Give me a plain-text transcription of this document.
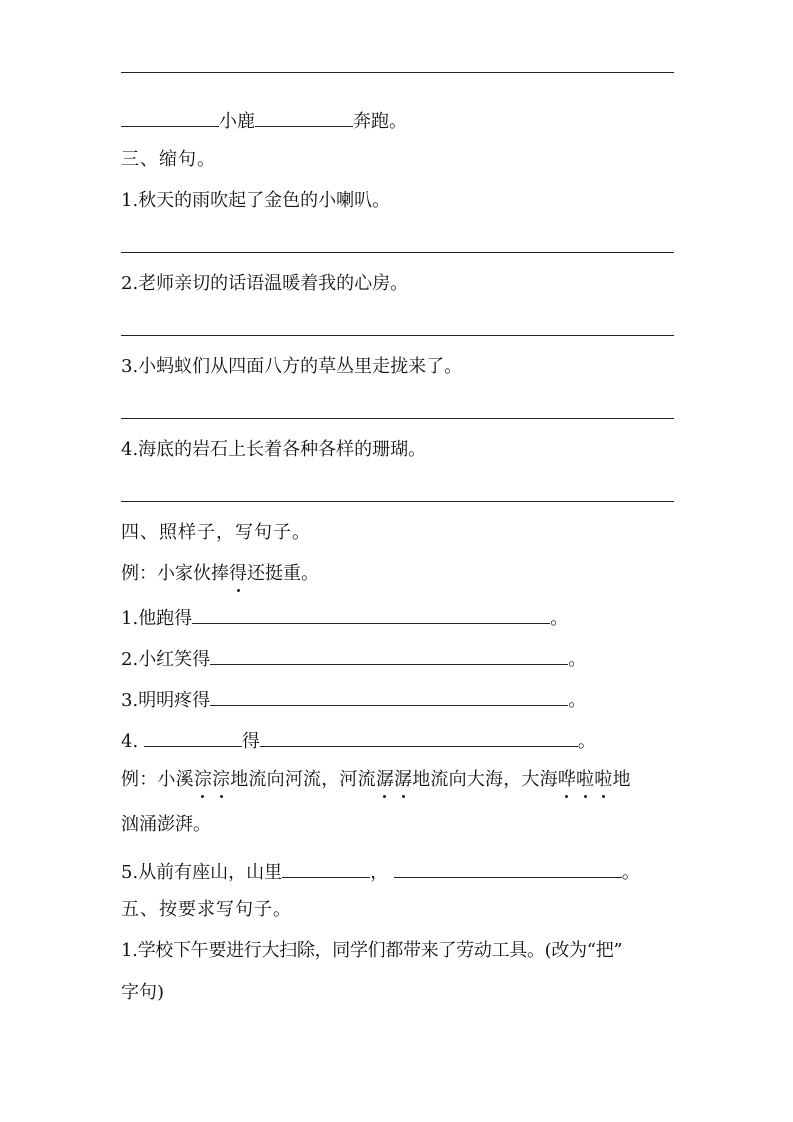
小鹿	奔跑。
三、缩句。
1.秋天的雨吹起了金色的小喇叭。
2.老师亲切的话语温暖着我的心房。
3.小蚂蚁们从四面八方的草丛里走拢来了。
4.海底的岩石上长着各种各样的珊瑚。
四、照样子，写句子。
例：小家伙捧得还挺重。
1.他跑得	。
2.小红笑得	。
3.明明疼得	。
4.	得	。
例：小溪淙淙地流向河流，河流潺潺地流向大海，大海哗啦啦地
汹涌澎湃。
5.从前有座山，山里	，	。
五、按要求写句子。
1.学校下午要进行大扫除，同学们都带来了劳动工具。(改为“把”
字句)
